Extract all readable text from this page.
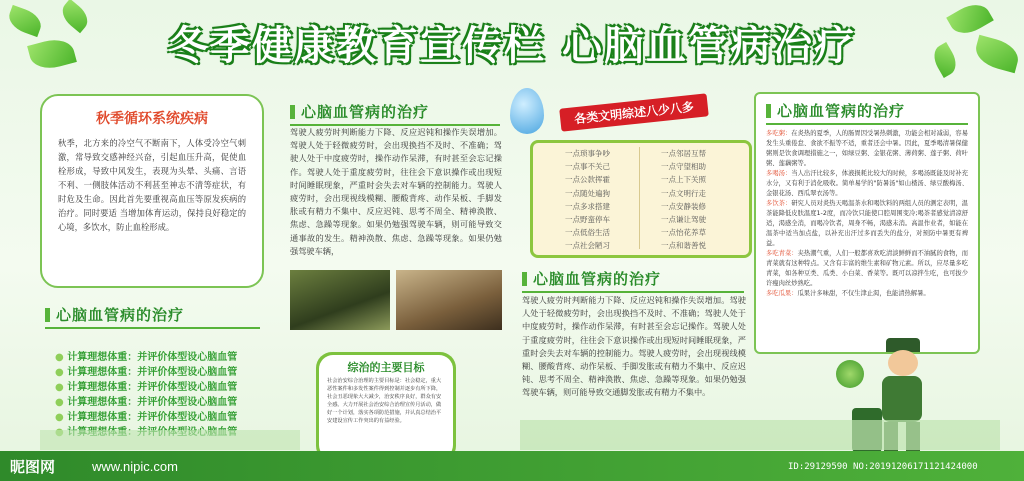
冬季健康教育宣传栏 心脑血管病治疗
秋季循环系统疾病
秋季，北方来的冷空气不断南下，人体受冷空气刺激，常导致交感神经兴奋，引起血压升高，促使血栓形成，导致中风发生，表现为头晕、头痛、言语不利、一侧肢体活动不利甚至神志不清等症状，有时危及生命。因此首先要重视高血压等原发疾病的治疗。同时要适 当增加体育运动，保持良好稳定的心境，多饮水，防止血栓形成。
心脑血管病的治疗
● 计算理想体重：并评价体型设心脑血管
● 计算理想体重：并评价体型设心脑血管
● 计算理想体重：并评价体型设心脑血管
● 计算理想体重：并评价体型设心脑血管
● 计算理想体重：并评价体型设心脑血管
●
心脑血管病的治疗
驾驶人疲劳时判断能力下降、反应迟钝和操作失误增加。驾驶人处于轻微疲劳时，会出现换挡不及时、不准确；驾驶人处于中度疲劳时，操作动作呆滞，有时甚至会忘记操作。驾驶人处于重度疲劳时，往往会下意识操作或出现短时间睡眠现象，严重时会失去对车辆的控制能力。驾驶人疲劳时，会出现视线模糊、腰酸背疼、动作呆板、手脚发胀或有精力不集中、反应迟钝、思考不周全、精神涣散、焦虑、急躁等现象。如果仍勉强驾驶车辆，则可能导致交通事故的发生。精神涣散、焦虑、急躁等现象。如果仍勉强驾驶车辆，
综治的主要目标
社会治安综合治理的主要目标是：社会稳定，重大恶性案件和多发性案件得到控制并逐步有所下降，社会丑恶现象大大减少，治安秩序良好，群众有安全感。大力开展社会治安综合治理宣传月活动，做好一个计划，落实各项防范措施，并认真总结治平安建设宣传工作突出的有益经验。
各类文明综述八少八多
一点琐事争吵
一点事不关己
一点公款挥霍
一点随处遍狗
一点多求搭建
一点野蛮停车
一点低俗生活
一点社会陋习
一点邻居互帮
一点守望相助
一点上下关照
一点文明行走
一点安静装修
一点谦让驾驶
一点怡花养草
一点和谐善悦
心脑血管病的治疗
驾驶人疲劳时判断能力下降、反应迟钝和操作失误增加。驾驶人处于轻微疲劳时，会出现换挡不及时、不准确；驾驶人处于中度疲劳时，操作动作呆滞，有时甚至会忘记操作。驾驶人处于重度疲劳时，往往会下意识操作或出现短时间睡眠现象，严重时会失去对车辆的控制能力。驾驶人疲劳时，会出现视线模糊、腰酸背疼、动作呆板、手脚发胀或有精力不集中、反应迟钝、思考不周全、精神涣散、焦虑、急躁等现象。如果仍勉强驾驶车辆，则可能导致交通脚发胀或有精力不集中。
心脑血管病的治疗
多吃粥：在炎热的夏季，人的肠胃因受暑热刺激，功能会相对减弱，容易发生头重倦怠、食欲不振等不适，重者还会中暑。因此，夏季喝清暑保健粥则是饮食调理措施之一，如绿豆粥、金银花粥、薄荷粥、莲子粥、荷叶粥、莲藕粥等。
多喝汤：当人出汗比较多，体液损耗比较大的时候，多喝汤既能及时补充水分，又有利于消化吸收。简单易学的"防暑汤"如山楂汤、绿豆酸梅汤、金银花汤、西瓜翠衣汤等。
多饮茶：研究人员对炎热天喝温茶水和喝饮料的两组人员的测定表明，温茶能降低皮肤温度1-2度，而冷饮只能使口腔周围变冷;喝茶者感觉清凉舒适，渴感全消，而喝冷饮者，周身不畅，渴感未消。高温作业者，如能在温茶中适当加点盐，以补充出汗过多而丢失的盐分，对预防中暑更有裨益。
多吃青菜：夹热潮气重，人们一般都喜欢吃清淡鲜鲜而不油腻的食物，而青菜就有这种特点。又含有丰富的维生素和矿物元素。所以，应尽量多吃青菜，如各种豆类、瓜类、小白菜、香菜等。既可以凉拌生吃，也可拔少许瘦肉丝炒熟吃。
多吃瓜果：瓜果汁多味甜，不仅生津止渴，也能清热解暑。
昵图网	www.nipic.com	ID:29129590 NO:20191206171121424000
